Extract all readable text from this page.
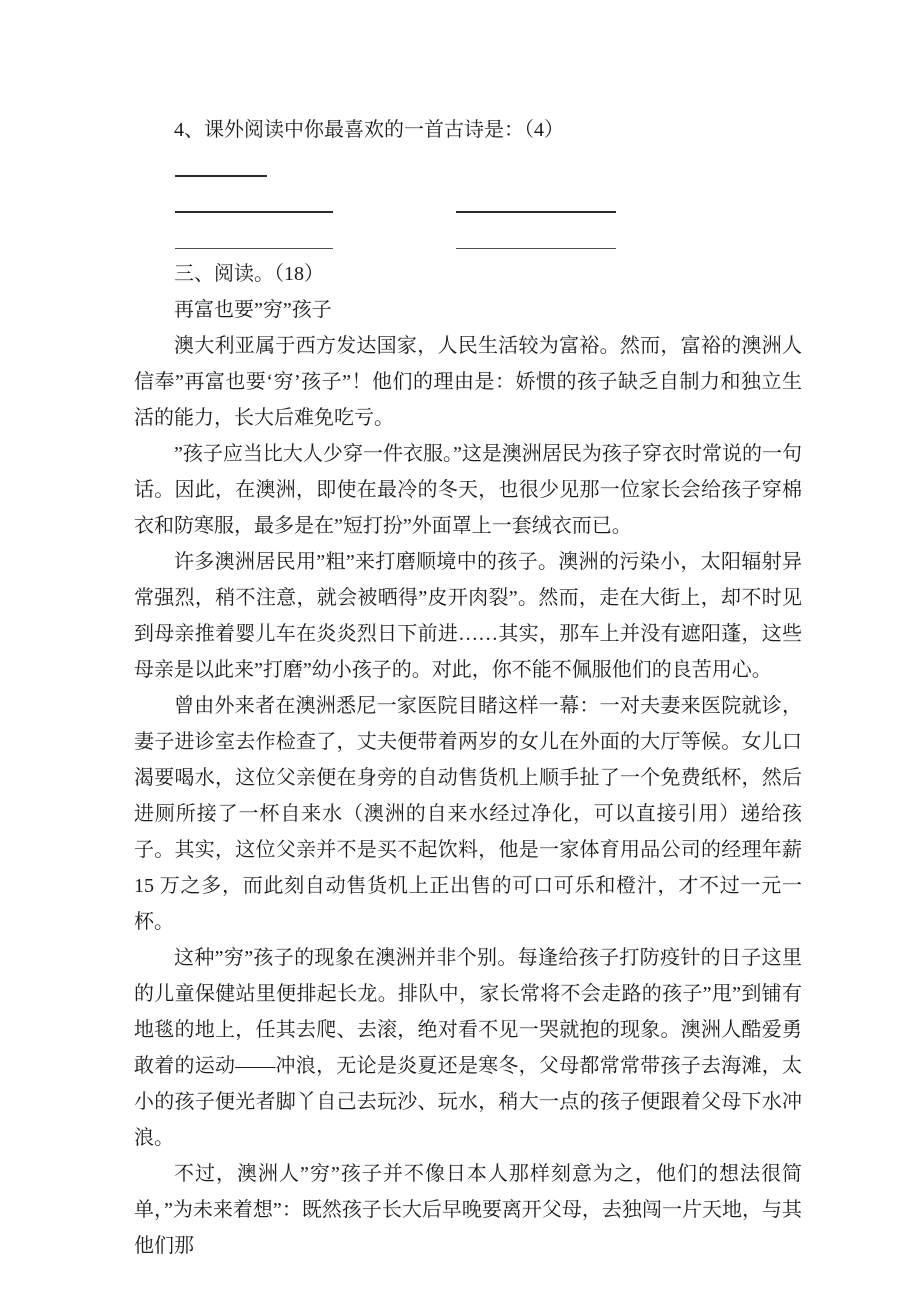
4、课外阅读中你最喜欢的一首古诗是：（4）

三、阅读。（18）

再富也要”穷”孩子

澳大利亚属于西方发达国家，人民生活较为富裕。然而，富裕的澳洲人信奉”再富也要‘穷’孩子”！他们的理由是：娇惯的孩子缺乏自制力和独立生活的能力，长大后难免吃亏。

”孩子应当比大人少穿一件衣服。”这是澳洲居民为孩子穿衣时常说的一句话。因此，在澳洲，即使在最冷的冬天，也很少见那一位家长会给孩子穿棉衣和防寒服，最多是在”短打扮”外面罩上一套绒衣而已。

许多澳洲居民用”粗”来打磨顺境中的孩子。澳洲的污染小，太阳辐射异常强烈，稍不注意，就会被晒得”皮开肉裂”。然而，走在大街上，却不时见到母亲推着婴儿车在炎炎烈日下前进……其实，那车上并没有遮阳蓬，这些母亲是以此来”打磨”幼小孩子的。对此，你不能不佩服他们的良苦用心。

曾由外来者在澳洲悉尼一家医院目睹这样一幕：一对夫妻来医院就诊，妻子进诊室去作检查了，丈夫便带着两岁的女儿在外面的大厅等候。女儿口渴要喝水，这位父亲便在身旁的自动售货机上顺手扯了一个免费纸杯，然后进厕所接了一杯自来水（澳洲的自来水经过净化，可以直接引用）递给孩子。其实，这位父亲并不是买不起饮料，他是一家体育用品公司的经理年薪 15 万之多，而此刻自动售货机上正出售的可口可乐和橙汁，才不过一元一杯。

这种”穷”孩子的现象在澳洲并非个别。每逢给孩子打防疫针的日子这里的儿童保健站里便排起长龙。排队中，家长常将不会走路的孩子”甩”到铺有地毯的地上，任其去爬、去滚，绝对看不见一哭就抱的现象。澳洲人酷爱勇敢着的运动——冲浪，无论是炎夏还是寒冬，父母都常常带孩子去海滩，太小的孩子便光者脚丫自己去玩沙、玩水，稍大一点的孩子便跟着父母下水冲浪。

不过，澳洲人”穷”孩子并不像日本人那样刻意为之，他们的想法很简单，”为未来着想”：既然孩子长大后早晚要离开父母，去独闯一片天地，与其他们那
